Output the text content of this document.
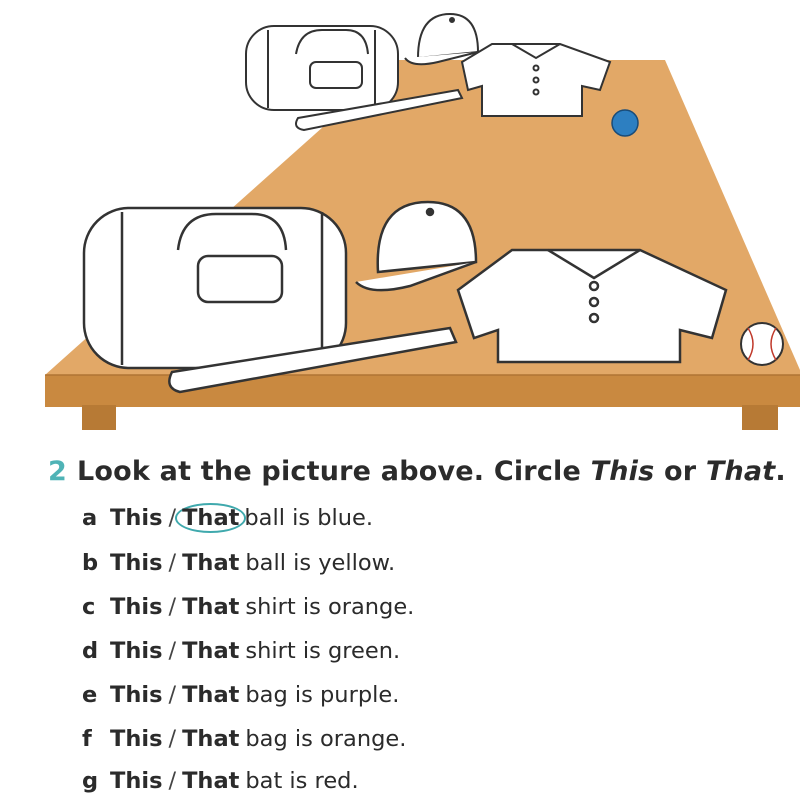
2 Look at the picture above. Circle This or That.
a This / That ball is blue.
b This / That ball is yellow.
c This / That shirt is orange.
d This / That shirt is green.
e This / That bag is purple.
f This / That bag is orange.
g This / That bat is red.
